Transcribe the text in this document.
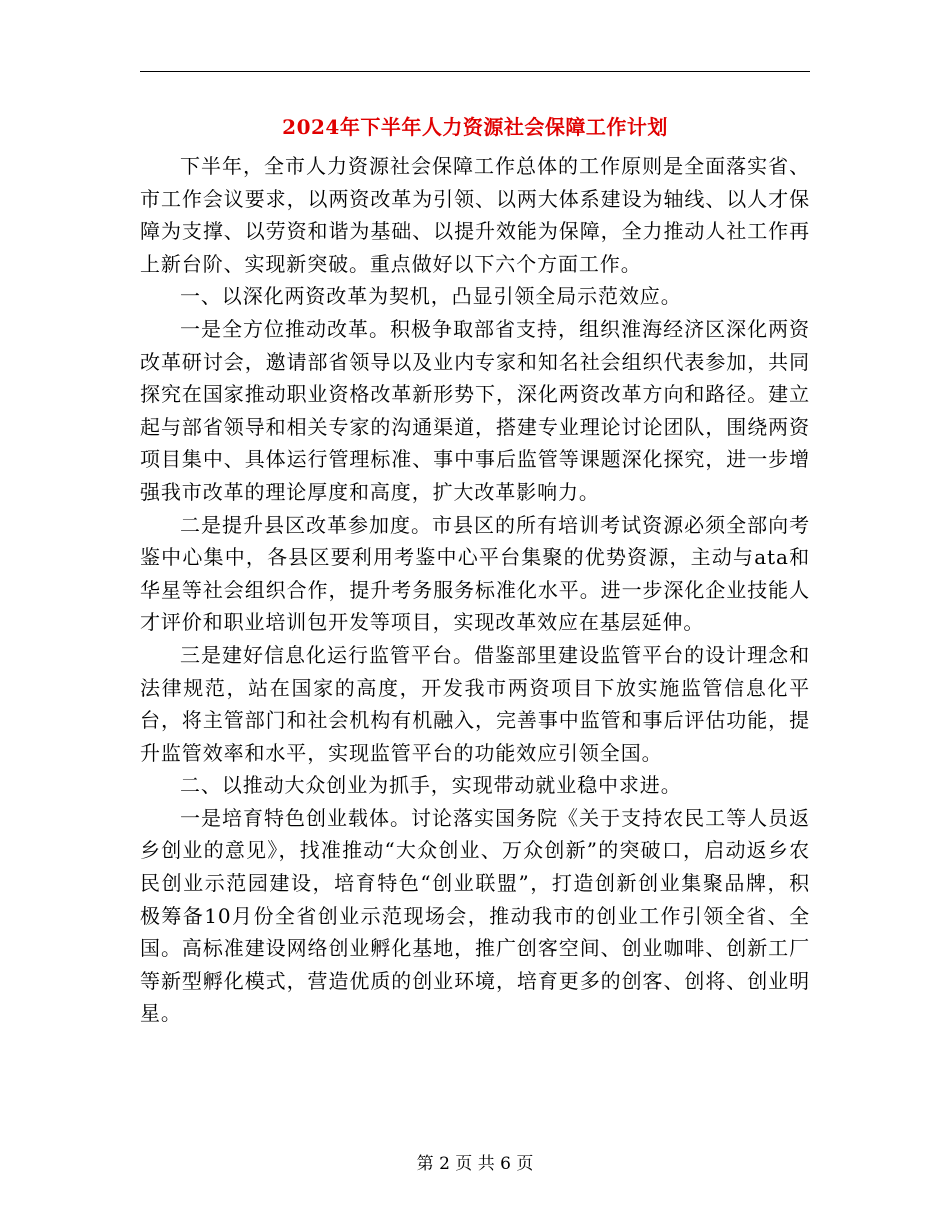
2024年下半年人力资源社会保障工作计划

下半年，全市人力资源社会保障工作总体的工作原则是全面落实省、市工作会议要求，以两资改革为引领、以两大体系建设为轴线、以人才保障为支撑、以劳资和谐为基础、以提升效能为保障，全力推动人社工作再上新台阶、实现新突破。重点做好以下六个方面工作。

一、以深化两资改革为契机，凸显引领全局示范效应。

一是全方位推动改革。积极争取部省支持，组织淮海经济区深化两资改革研讨会，邀请部省领导以及业内专家和知名社会组织代表参加，共同探究在国家推动职业资格改革新形势下，深化两资改革方向和路径。建立起与部省领导和相关专家的沟通渠道，搭建专业理论讨论团队，围绕两资项目集中、具体运行管理标准、事中事后监管等课题深化探究，进一步增强我市改革的理论厚度和高度，扩大改革影响力。

二是提升县区改革参加度。市县区的所有培训考试资源必须全部向考鉴中心集中，各县区要利用考鉴中心平台集聚的优势资源，主动与ata和华星等社会组织合作，提升考务服务标准化水平。进一步深化企业技能人才评价和职业培训包开发等项目，实现改革效应在基层延伸。

三是建好信息化运行监管平台。借鉴部里建设监管平台的设计理念和法律规范，站在国家的高度，开发我市两资项目下放实施监管信息化平台，将主管部门和社会机构有机融入，完善事中监管和事后评估功能，提升监管效率和水平，实现监管平台的功能效应引领全国。

二、以推动大众创业为抓手，实现带动就业稳中求进。

一是培育特色创业载体。讨论落实国务院《关于支持农民工等人员返乡创业的意见》，找准推动“大众创业、万众创新”的突破口，启动返乡农民创业示范园建设，培育特色“创业联盟”，打造创新创业集聚品牌，积极筹备10月份全省创业示范现场会，推动我市的创业工作引领全省、全国。高标准建设网络创业孵化基地，推广创客空间、创业咖啡、创新工厂等新型孵化模式，营造优质的创业环境，培育更多的创客、创将、创业明星。

第 2 页 共 6 页
